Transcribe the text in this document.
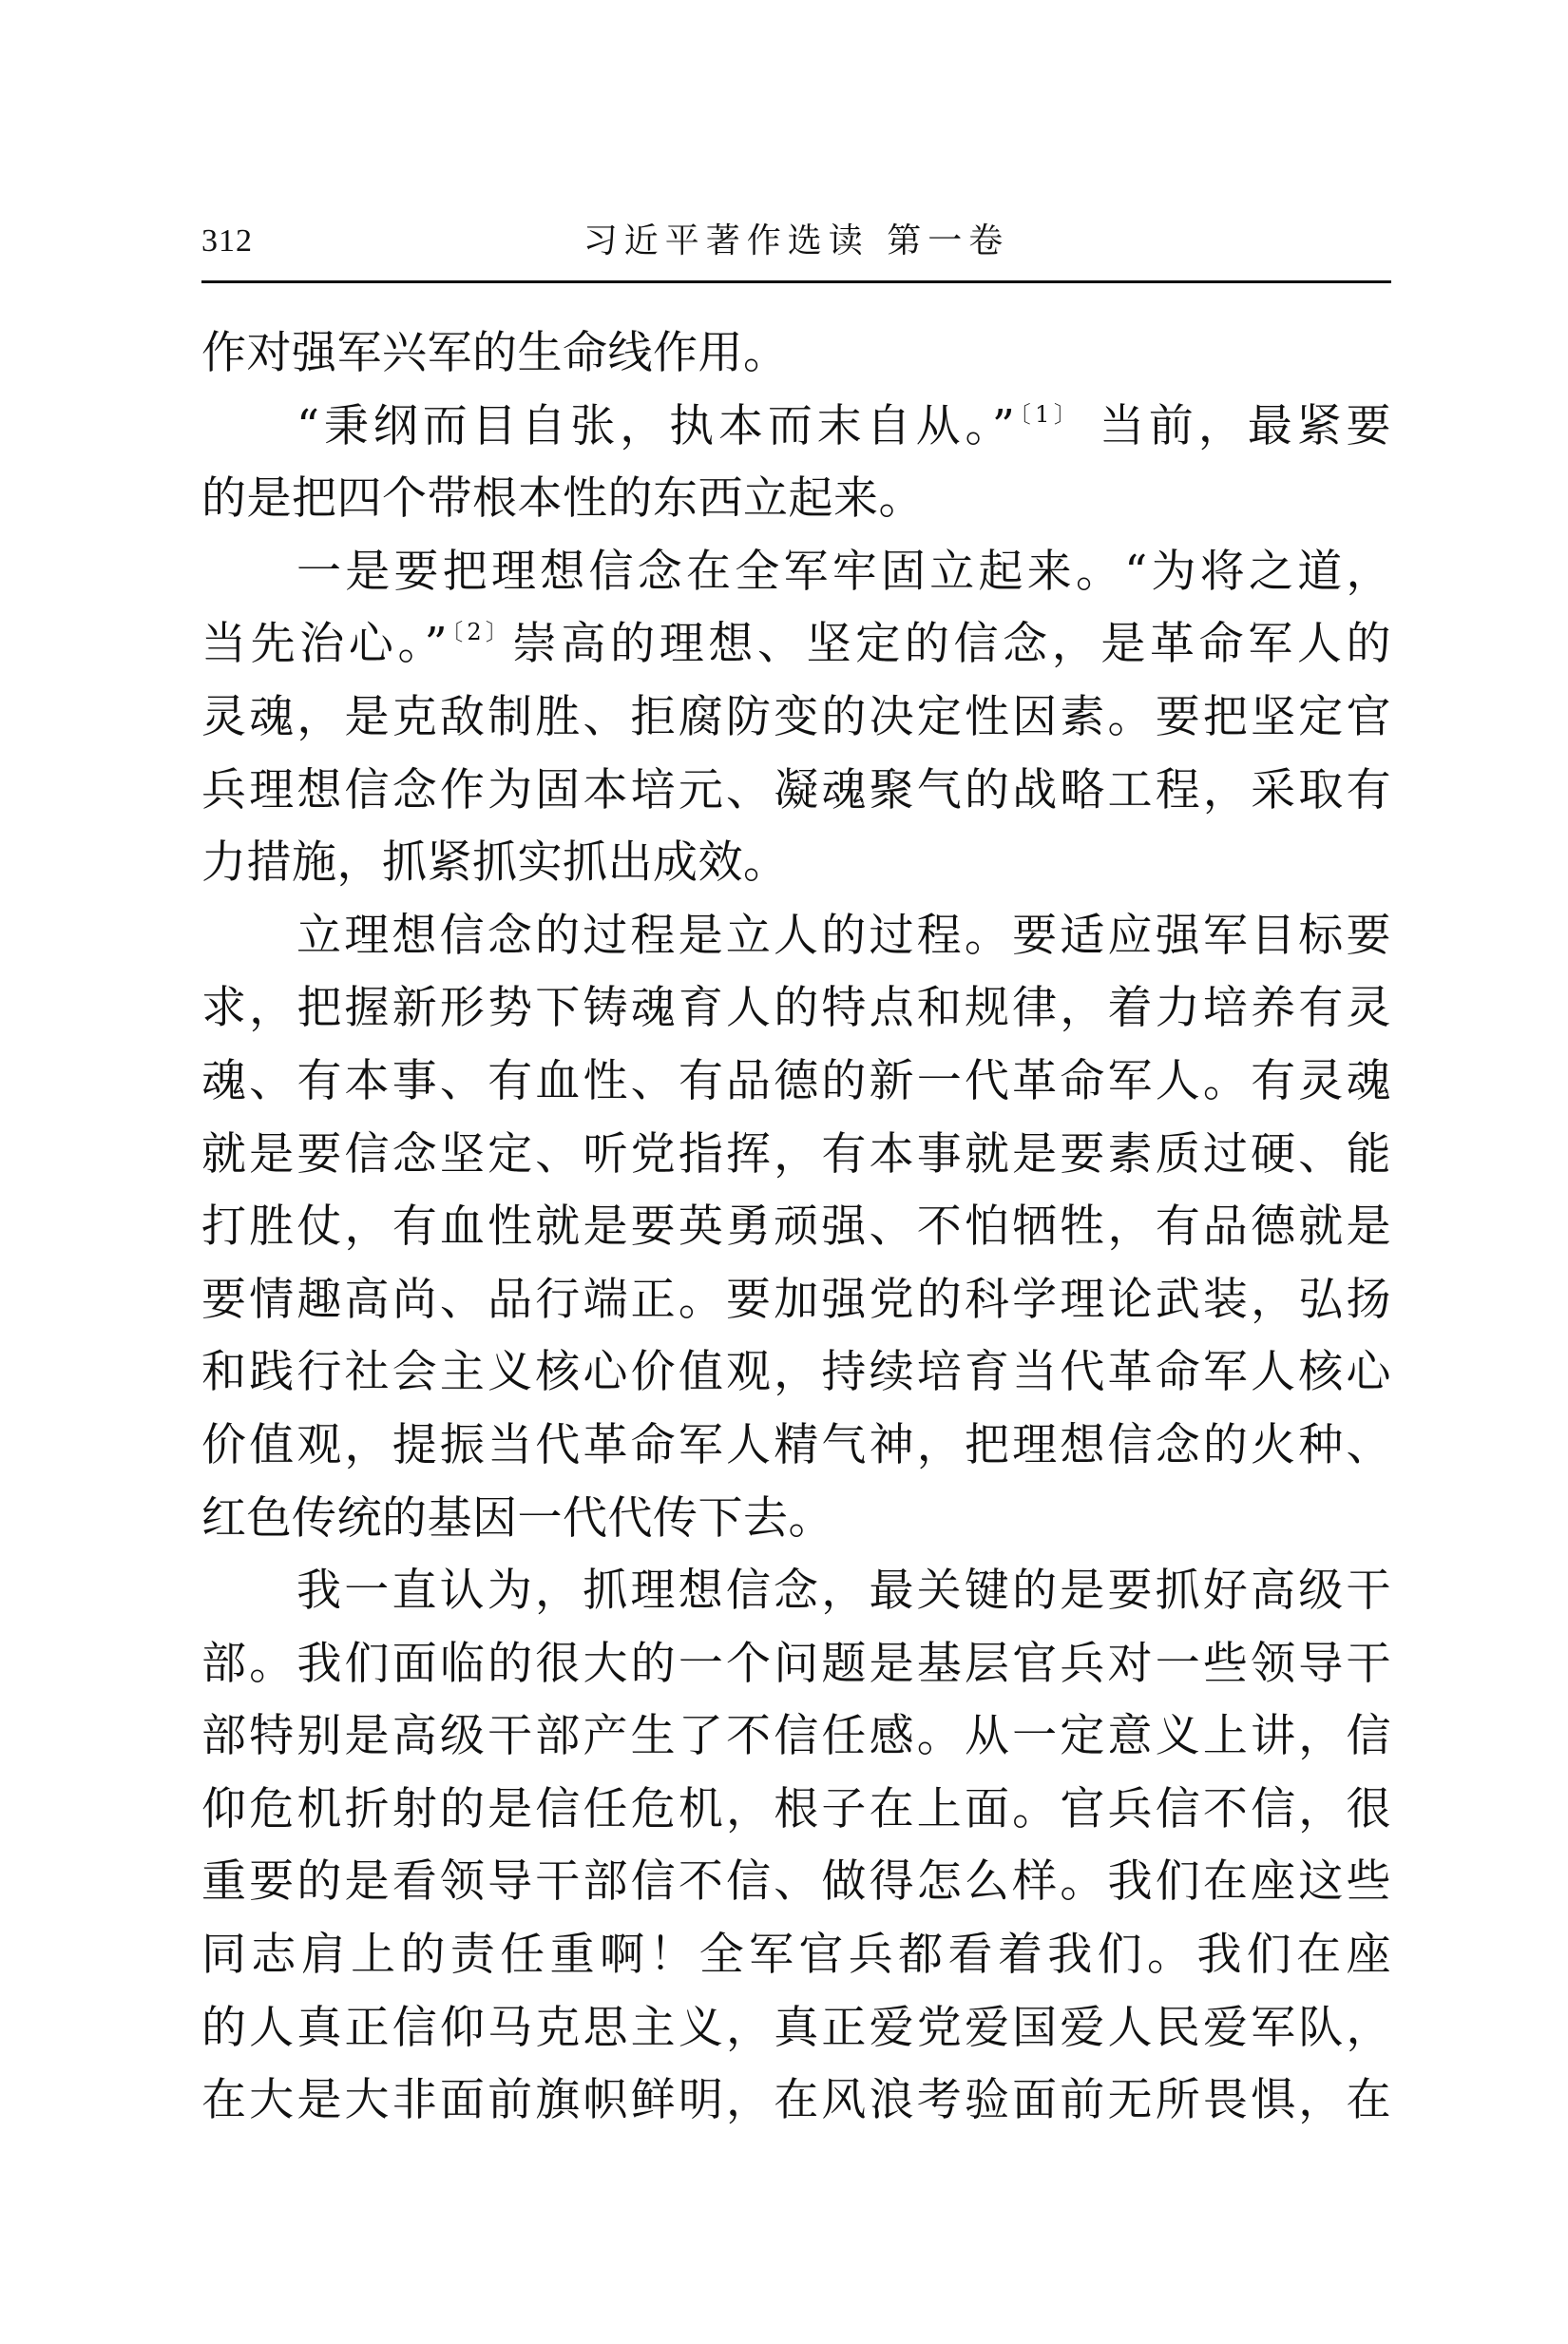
312	习近平著作选读 第一卷
作对强军兴军的生命线作用。
“秉纲而目自张，执本而末自从。”$^{〔1〕}$ 当前，最紧要
的是把四个带根本性的东西立起来。
一是要把理想信念在全军牢固立起来。“为将之道，
当先治心。”$^{〔2〕}$崇高的理想、坚定的信念，是革命军人的
灵魂，是克敌制胜、拒腐防变的决定性因素。要把坚定官
兵理想信念作为固本培元、凝魂聚气的战略工程，采取有
力措施，抓紧抓实抓出成效。
立理想信念的过程是立人的过程。要适应强军目标要
求，把握新形势下铸魂育人的特点和规律，着力培养有灵
魂、有本事、有血性、有品德的新一代革命军人。有灵魂
就是要信念坚定、听党指挥，有本事就是要素质过硬、能
打胜仗，有血性就是要英勇顽强、不怕牺牲，有品德就是
要情趣高尚、品行端正。要加强党的科学理论武装，弘扬
和践行社会主义核心价值观，持续培育当代革命军人核心
价值观，提振当代革命军人精气神，把理想信念的火种、
红色传统的基因一代代传下去。
我一直认为，抓理想信念，最关键的是要抓好高级干
部。我们面临的很大的一个问题是基层官兵对一些领导干
部特别是高级干部产生了不信任感。从一定意义上讲，信
仰危机折射的是信任危机，根子在上面。官兵信不信，很
重要的是看领导干部信不信、做得怎么样。我们在座这些
同志肩上的责任重啊！全军官兵都看着我们。我们在座
的人真正信仰马克思主义，真正爱党爱国爱人民爱军队，
在大是大非面前旗帜鲜明，在风浪考验面前无所畏惧，在
